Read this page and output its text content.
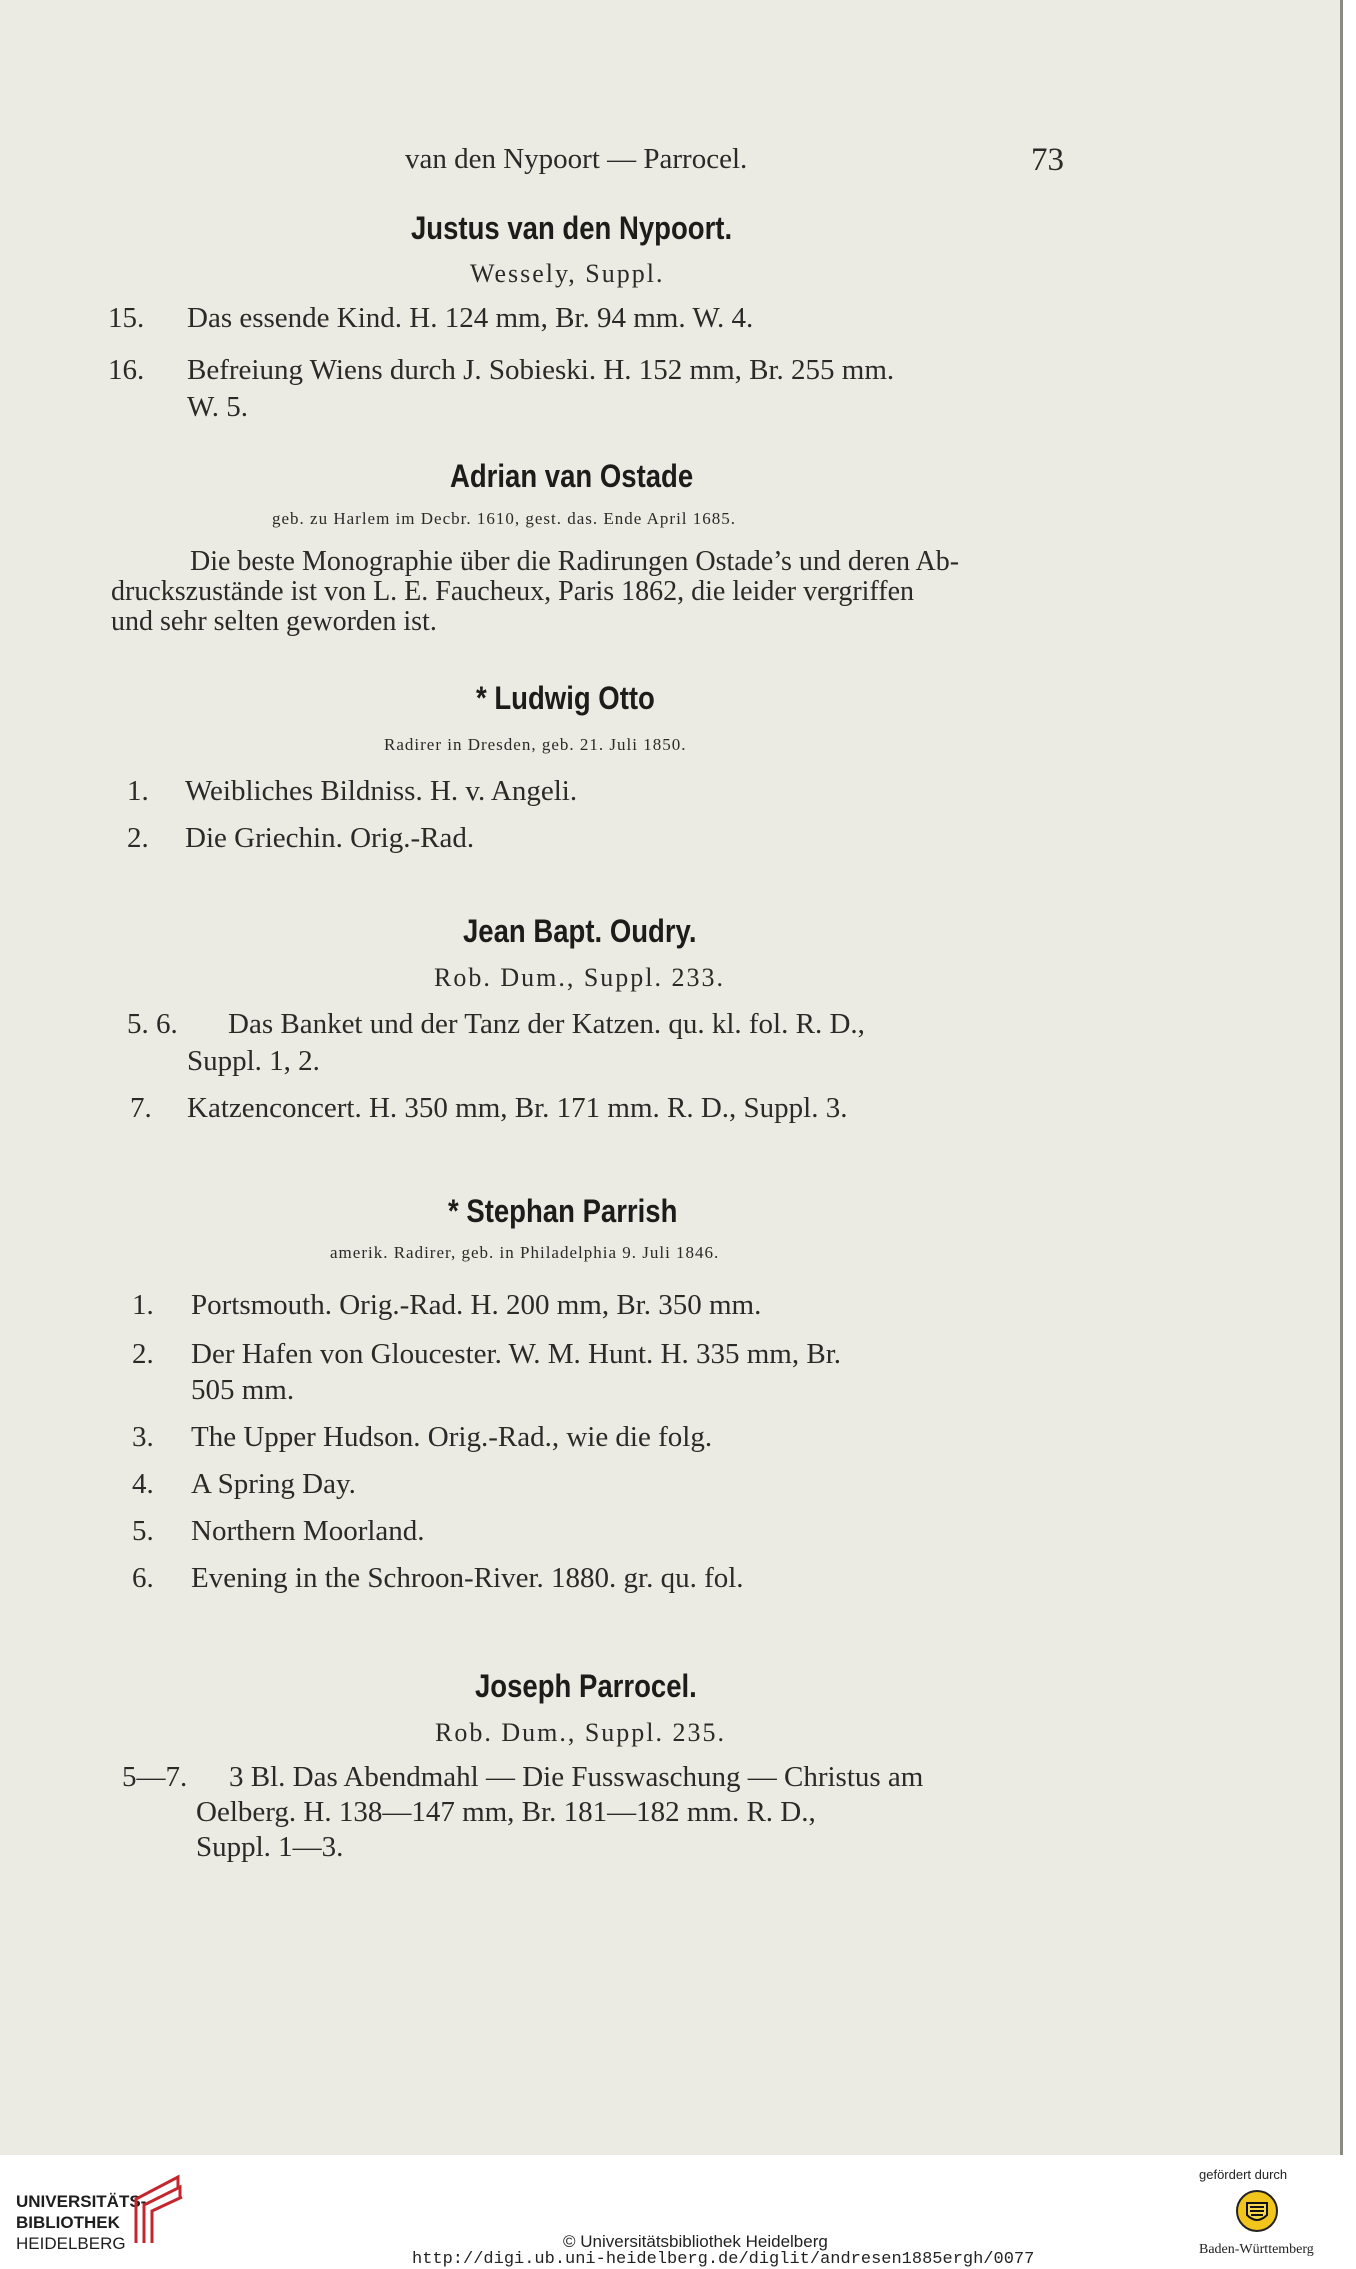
van den Nypoort — Parrocel.	73
Justus van den Nypoort.
Wessely, Suppl.
15. Das essende Kind. H. 124 mm, Br. 94 mm. W. 4.
16. Befreiung Wiens durch J. Sobieski. H. 152 mm, Br. 255 mm.
W. 5.
Adrian van Ostade
geb. zu Harlem im Decbr. 1610, gest. das. Ende April 1685.
Die beste Monographie über die Radirungen Ostade’s und deren Ab-
druckszustände ist von L. E. Faucheux, Paris 1862, die leider vergriffen
und sehr selten geworden ist.
* Ludwig Otto
Radirer in Dresden, geb. 21. Juli 1850.
1. Weibliches Bildniss. H. v. Angeli.
2. Die Griechin. Orig.-Rad.
Jean Bapt. Oudry.
Rob. Dum., Suppl. 233.
5. 6. Das Banket und der Tanz der Katzen. qu. kl. fol. R. D.,
Suppl. 1, 2.
7. Katzenconcert. H. 350 mm, Br. 171 mm. R. D., Suppl. 3.
* Stephan Parrish
amerik. Radirer, geb. in Philadelphia 9. Juli 1846.
1. Portsmouth. Orig.-Rad. H. 200 mm, Br. 350 mm.
2. Der Hafen von Gloucester. W. M. Hunt. H. 335 mm, Br.
505 mm.
3. The Upper Hudson. Orig.-Rad., wie die folg.
4. A Spring Day.
5. Northern Moorland.
6. Evening in the Schroon-River. 1880. gr. qu. fol.
Joseph Parrocel.
Rob. Dum., Suppl. 235.
5—7. 3 Bl. Das Abendmahl — Die Fusswaschung — Christus am
Oelberg. H. 138—147 mm, Br. 181—182 mm. R. D.,
Suppl. 1—3.
UNIVERSITÄTS-
BIBLIOTHEK
HEIDELBERG	© Universitätsbibliothek Heidelberg
http://digi.ub.uni-heidelberg.de/diglit/andresen1885ergh/0077
gefördert durch
Baden-Württemberg
